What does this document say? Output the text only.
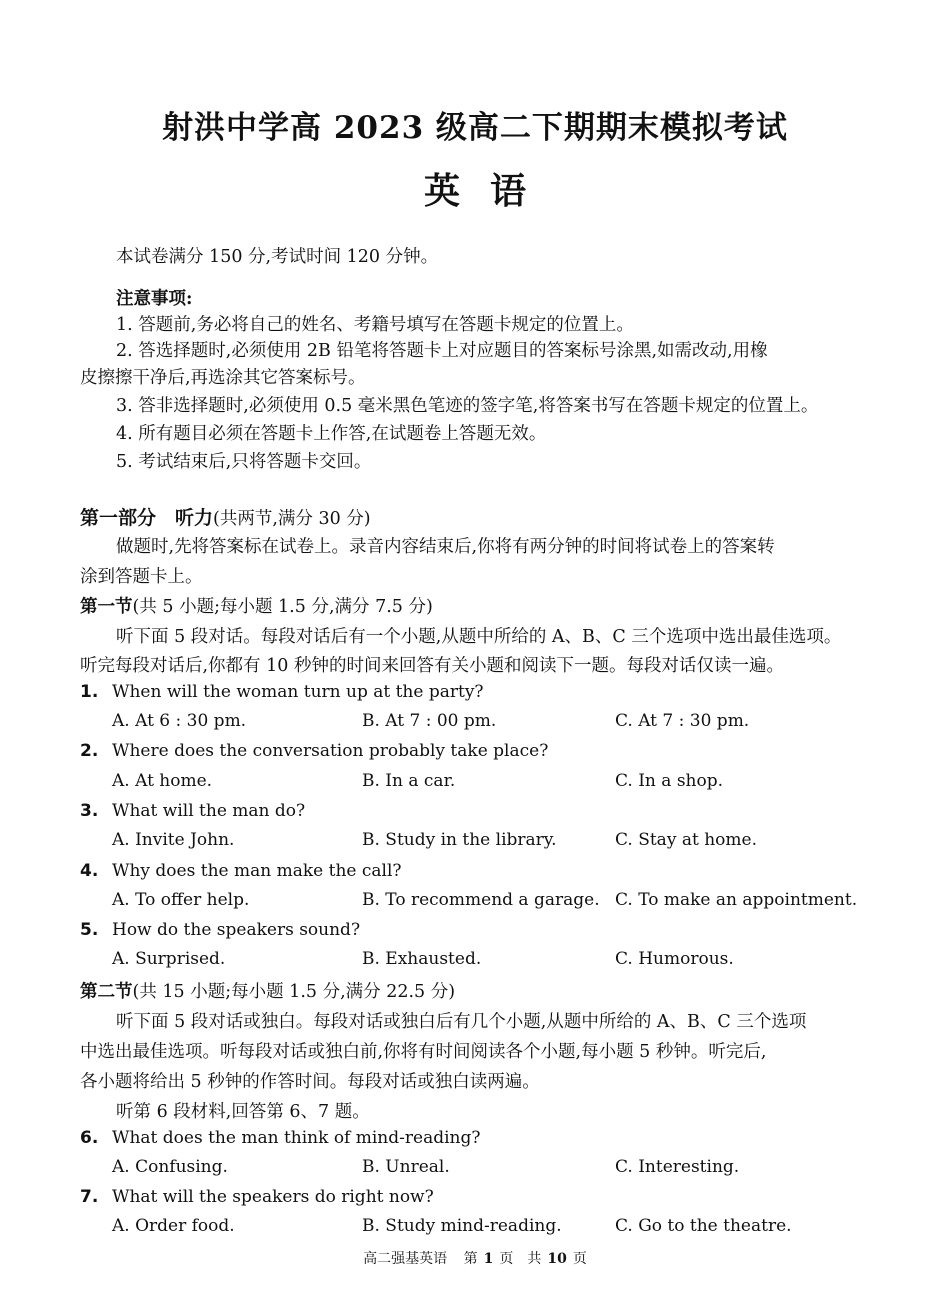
射洪中学高 2023 级高二下期期末模拟考试
英语
本试卷满分 150 分,考试时间 120 分钟。
注意事项:
1. 答题前,务必将自己的姓名、考籍号填写在答题卡规定的位置上。
2. 答选择题时,必须使用 2B 铅笔将答题卡上对应题目的答案标号涂黑,如需改动,用橡
皮擦擦干净后,再选涂其它答案标号。
3. 答非选择题时,必须使用 0.5 毫米黑色笔迹的签字笔,将答案书写在答题卡规定的位置上。
4. 所有题目必须在答题卡上作答,在试题卷上答题无效。
5. 考试结束后,只将答题卡交回。
第一部分　听力(共两节,满分 30 分)
做题时,先将答案标在试卷上。录音内容结束后,你将有两分钟的时间将试卷上的答案转
涂到答题卡上。
第一节(共 5 小题;每小题 1.5 分,满分 7.5 分)
听下面 5 段对话。每段对话后有一个小题,从题中所给的 A、B、C 三个选项中选出最佳选项。
听完每段对话后,你都有 10 秒钟的时间来回答有关小题和阅读下一题。每段对话仅读一遍。
1. When will the woman turn up at the party?
A. At 6 : 30 pm.	B. At 7 : 00 pm.	C. At 7 : 30 pm.
2. Where does the conversation probably take place?
A. At home.	B. In a car.	C. In a shop.
3. What will the man do?
A. Invite John.	B. Study in the library.	C. Stay at home.
4. Why does the man make the call?
A. To offer help.	B. To recommend a garage. C. To make an appointment.
5. How do the speakers sound?
A. Surprised.	B. Exhausted.	C. Humorous.
第二节(共 15 小题;每小题 1.5 分,满分 22.5 分)
听下面 5 段对话或独白。每段对话或独白后有几个小题,从题中所给的 A、B、C 三个选项
中选出最佳选项。听每段对话或独白前,你将有时间阅读各个小题,每小题 5 秒钟。听完后,
各小题将给出 5 秒钟的作答时间。每段对话或独白读两遍。
听第 6 段材料,回答第 6、7 题。
6. What does the man think of mind-reading?
A. Confusing.	B. Unreal.	C. Interesting.
7. What will the speakers do right now?
A. Order food.	B. Study mind-reading.	C. Go to the theatre.
高二强基英语 第 1 页　共 10 页
